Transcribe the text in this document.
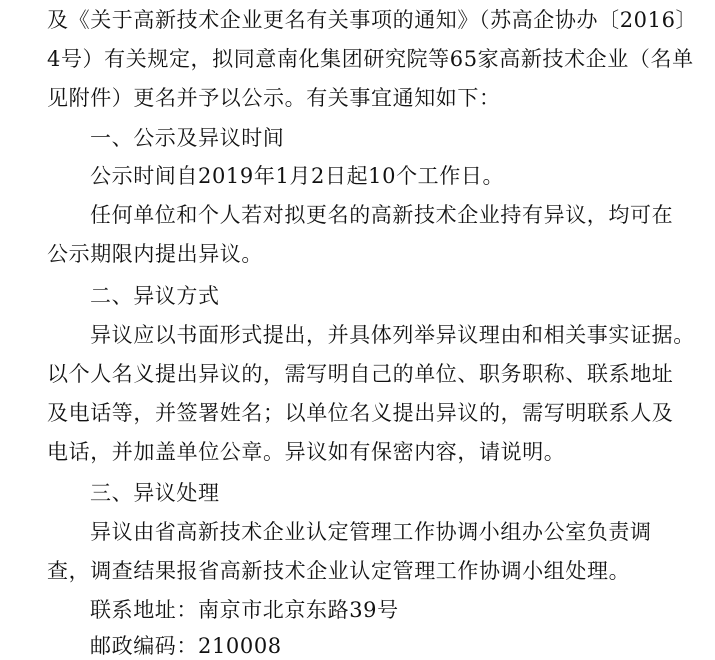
及《关于高新技术企业更名有关事项的通知》（苏高企协办〔2016〕
4号）有关规定，拟同意南化集团研究院等65家高新技术企业（名单
见附件）更名并予以公示。有关事宜通知如下：
一、公示及异议时间
公示时间自2019年1月2日起10个工作日。
任何单位和个人若对拟更名的高新技术企业持有异议，均可在
公示期限内提出异议。
二、异议方式
异议应以书面形式提出，并具体列举异议理由和相关事实证据。
以个人名义提出异议的，需写明自己的单位、职务职称、联系地址
及电话等，并签署姓名；以单位名义提出异议的，需写明联系人及
电话，并加盖单位公章。异议如有保密内容，请说明。
三、异议处理
异议由省高新技术企业认定管理工作协调小组办公室负责调
查，调查结果报省高新技术企业认定管理工作协调小组处理。
联系地址：南京市北京东路39号
邮政编码：210008
